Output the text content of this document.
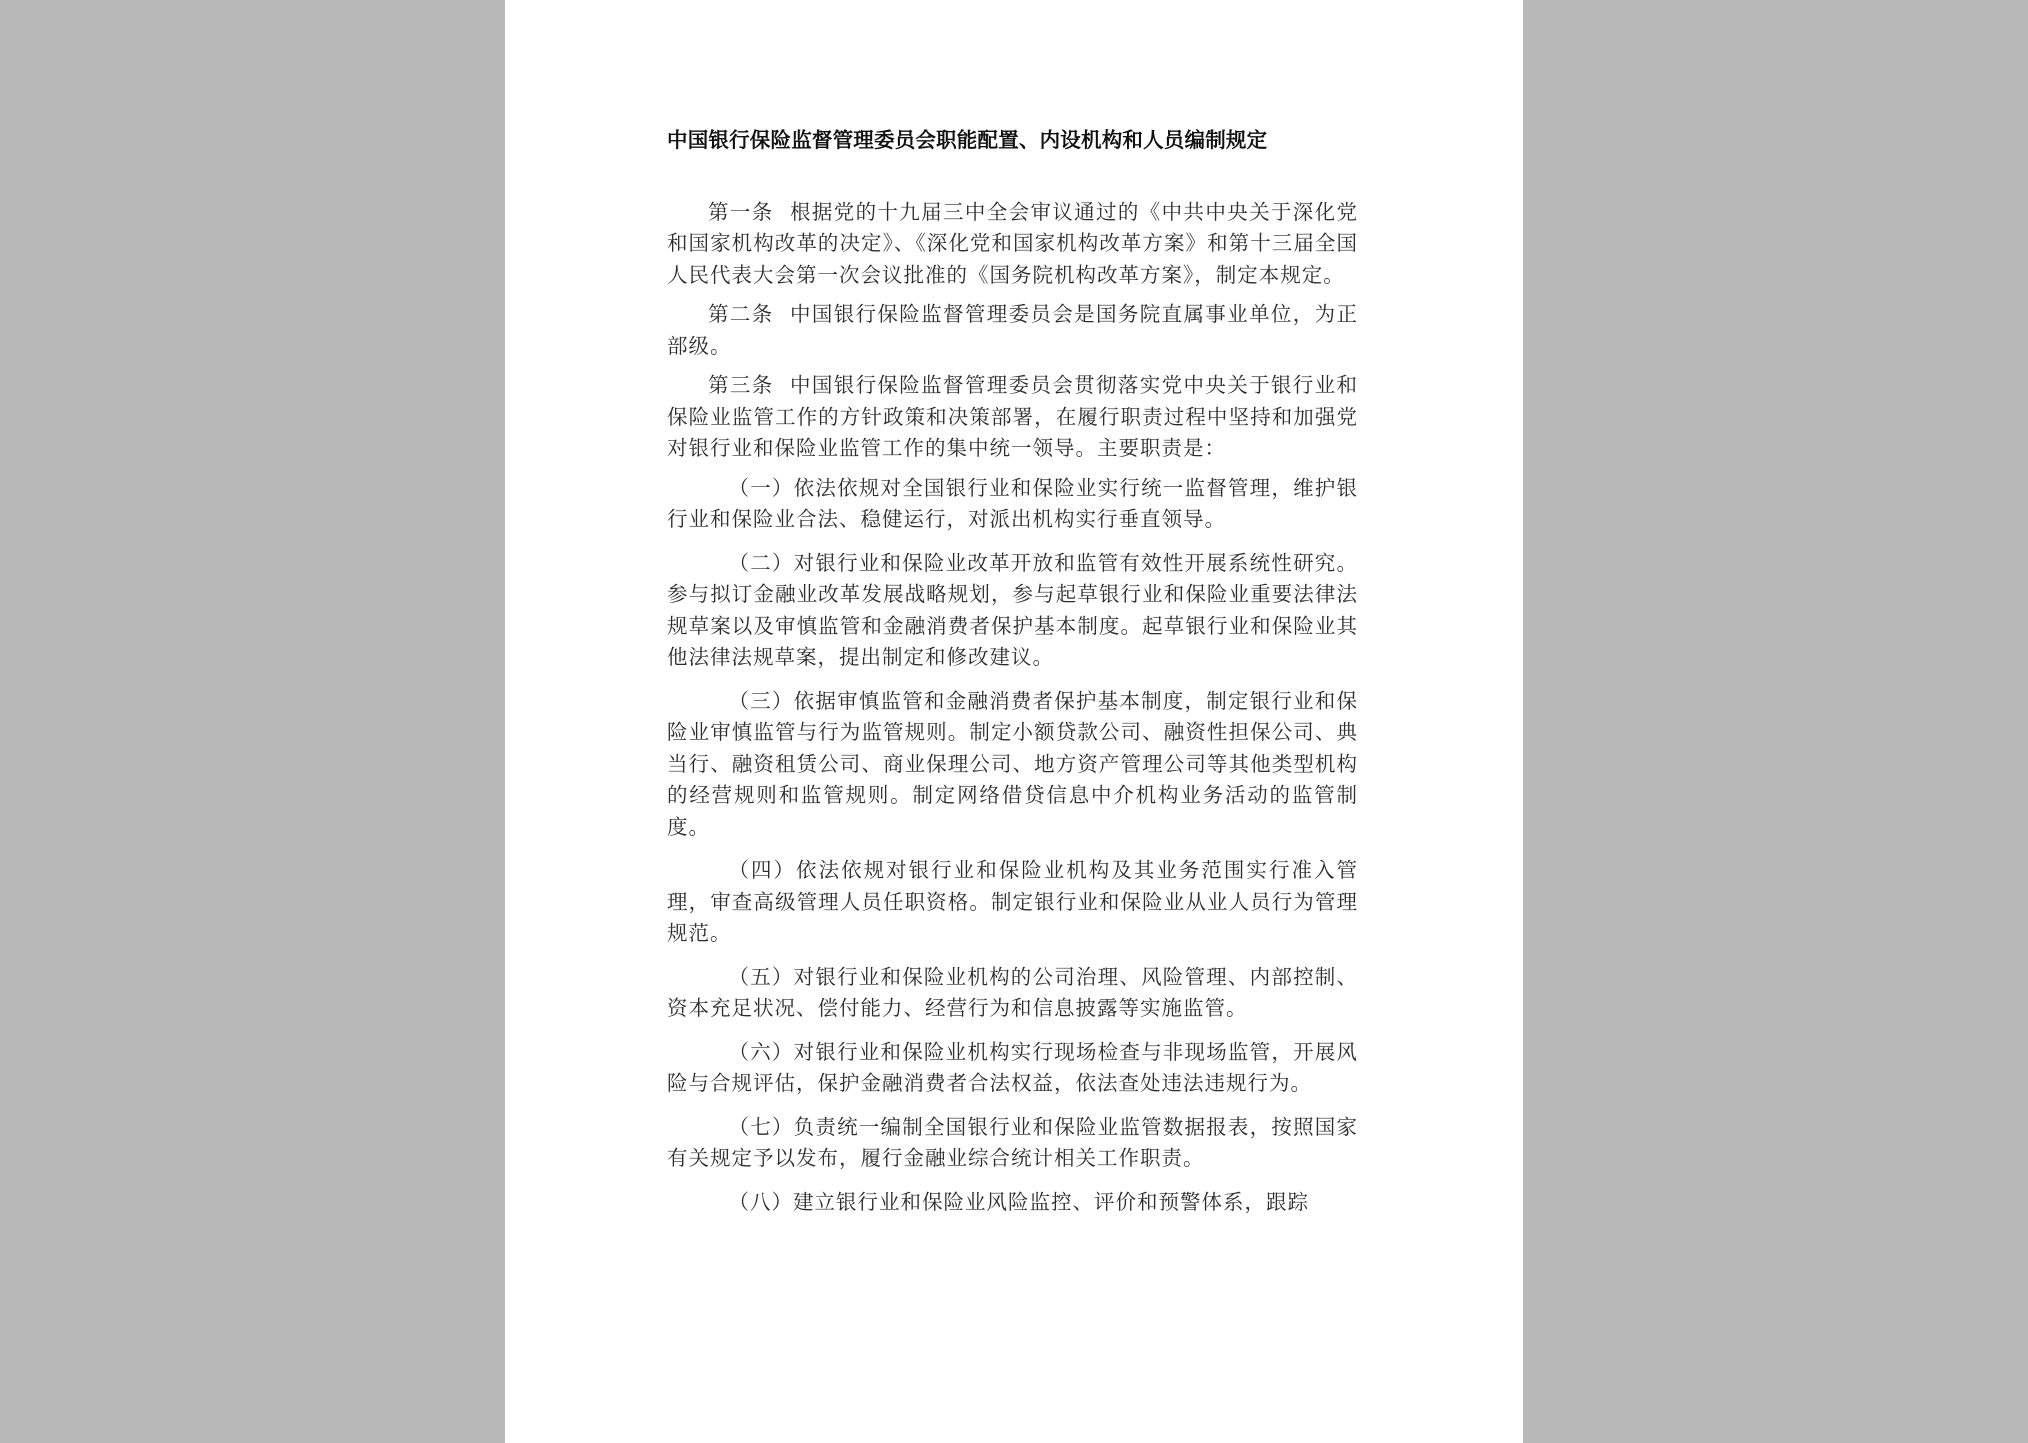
中国银行保险监督管理委员会职能配置、内设机构和人员编制规定

第一条 根据党的十九届三中全会审议通过的《中共中央关于深化党和国家机构改革的决定》、《深化党和国家机构改革方案》和第十三届全国人民代表大会第一次会议批准的《国务院机构改革方案》，制定本规定。

第二条 中国银行保险监督管理委员会是国务院直属事业单位，为正部级。

第三条 中国银行保险监督管理委员会贯彻落实党中央关于银行业和保险业监管工作的方针政策和决策部署，在履行职责过程中坚持和加强党对银行业和保险业监管工作的集中统一领导。主要职责是：

（一）依法依规对全国银行业和保险业实行统一监督管理，维护银行业和保险业合法、稳健运行，对派出机构实行垂直领导。

（二）对银行业和保险业改革开放和监管有效性开展系统性研究。参与拟订金融业改革发展战略规划，参与起草银行业和保险业重要法律法规草案以及审慎监管和金融消费者保护基本制度。起草银行业和保险业其他法律法规草案，提出制定和修改建议。

（三）依据审慎监管和金融消费者保护基本制度，制定银行业和保险业审慎监管与行为监管规则。制定小额贷款公司、融资性担保公司、典当行、融资租赁公司、商业保理公司、地方资产管理公司等其他类型机构的经营规则和监管规则。制定网络借贷信息中介机构业务活动的监管制度。

（四）依法依规对银行业和保险业机构及其业务范围实行准入管理，审查高级管理人员任职资格。制定银行业和保险业从业人员行为管理规范。

（五）对银行业和保险业机构的公司治理、风险管理、内部控制、资本充足状况、偿付能力、经营行为和信息披露等实施监管。

（六）对银行业和保险业机构实行现场检查与非现场监管，开展风险与合规评估，保护金融消费者合法权益，依法查处违法违规行为。

（七）负责统一编制全国银行业和保险业监管数据报表，按照国家有关规定予以发布，履行金融业综合统计相关工作职责。

（八）建立银行业和保险业风险监控、评价和预警体系，跟踪
